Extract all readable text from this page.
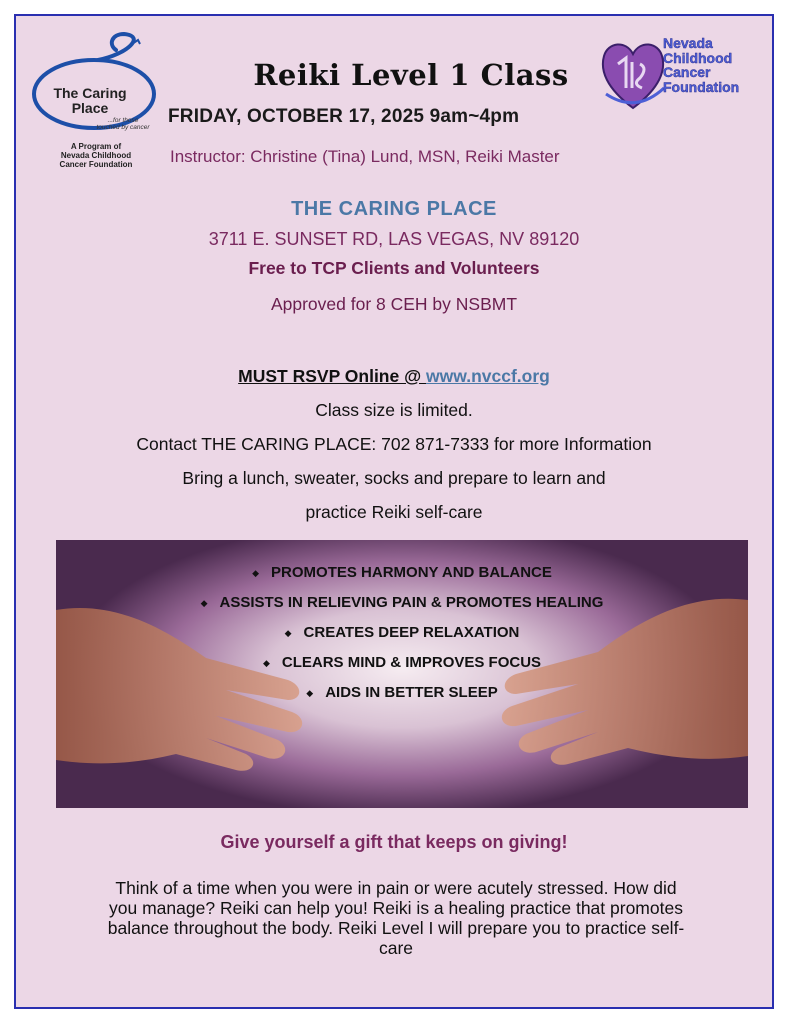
The Caring
Place
...for those
touched by cancer
A Program of
Nevada Childhood
Cancer Foundation
Nevada
Childhood
Cancer
Foundation
Reiki Level 1 Class
FRIDAY, OCTOBER 17, 2025 9am~4pm
Instructor: Christine (Tina) Lund, MSN, Reiki Master
THE CARING PLACE
3711 E. SUNSET RD, LAS VEGAS, NV 89120
Free to TCP Clients and Volunteers
Approved for 8 CEH by NSBMT
MUST RSVP Online @ www.nvccf.org
Class size is limited.
Contact THE CARING PLACE: 702 871-7333 for more Information
Bring a lunch, sweater, socks and prepare to learn and
practice Reiki self-care
◆ PROMOTES HARMONY AND BALANCE
◆ ASSISTS IN RELIEVING PAIN & PROMOTES HEALING
◆ CREATES DEEP RELAXATION
◆ CLEARS MIND & IMPROVES FOCUS
◆ AIDS IN BETTER SLEEP
Give yourself a gift that keeps on giving!
Think of a time when you were in pain or were acutely stressed. How did
you manage? Reiki can help you! Reiki is a healing practice that promotes
balance throughout the body. Reiki Level I will prepare you to practice self-
care
